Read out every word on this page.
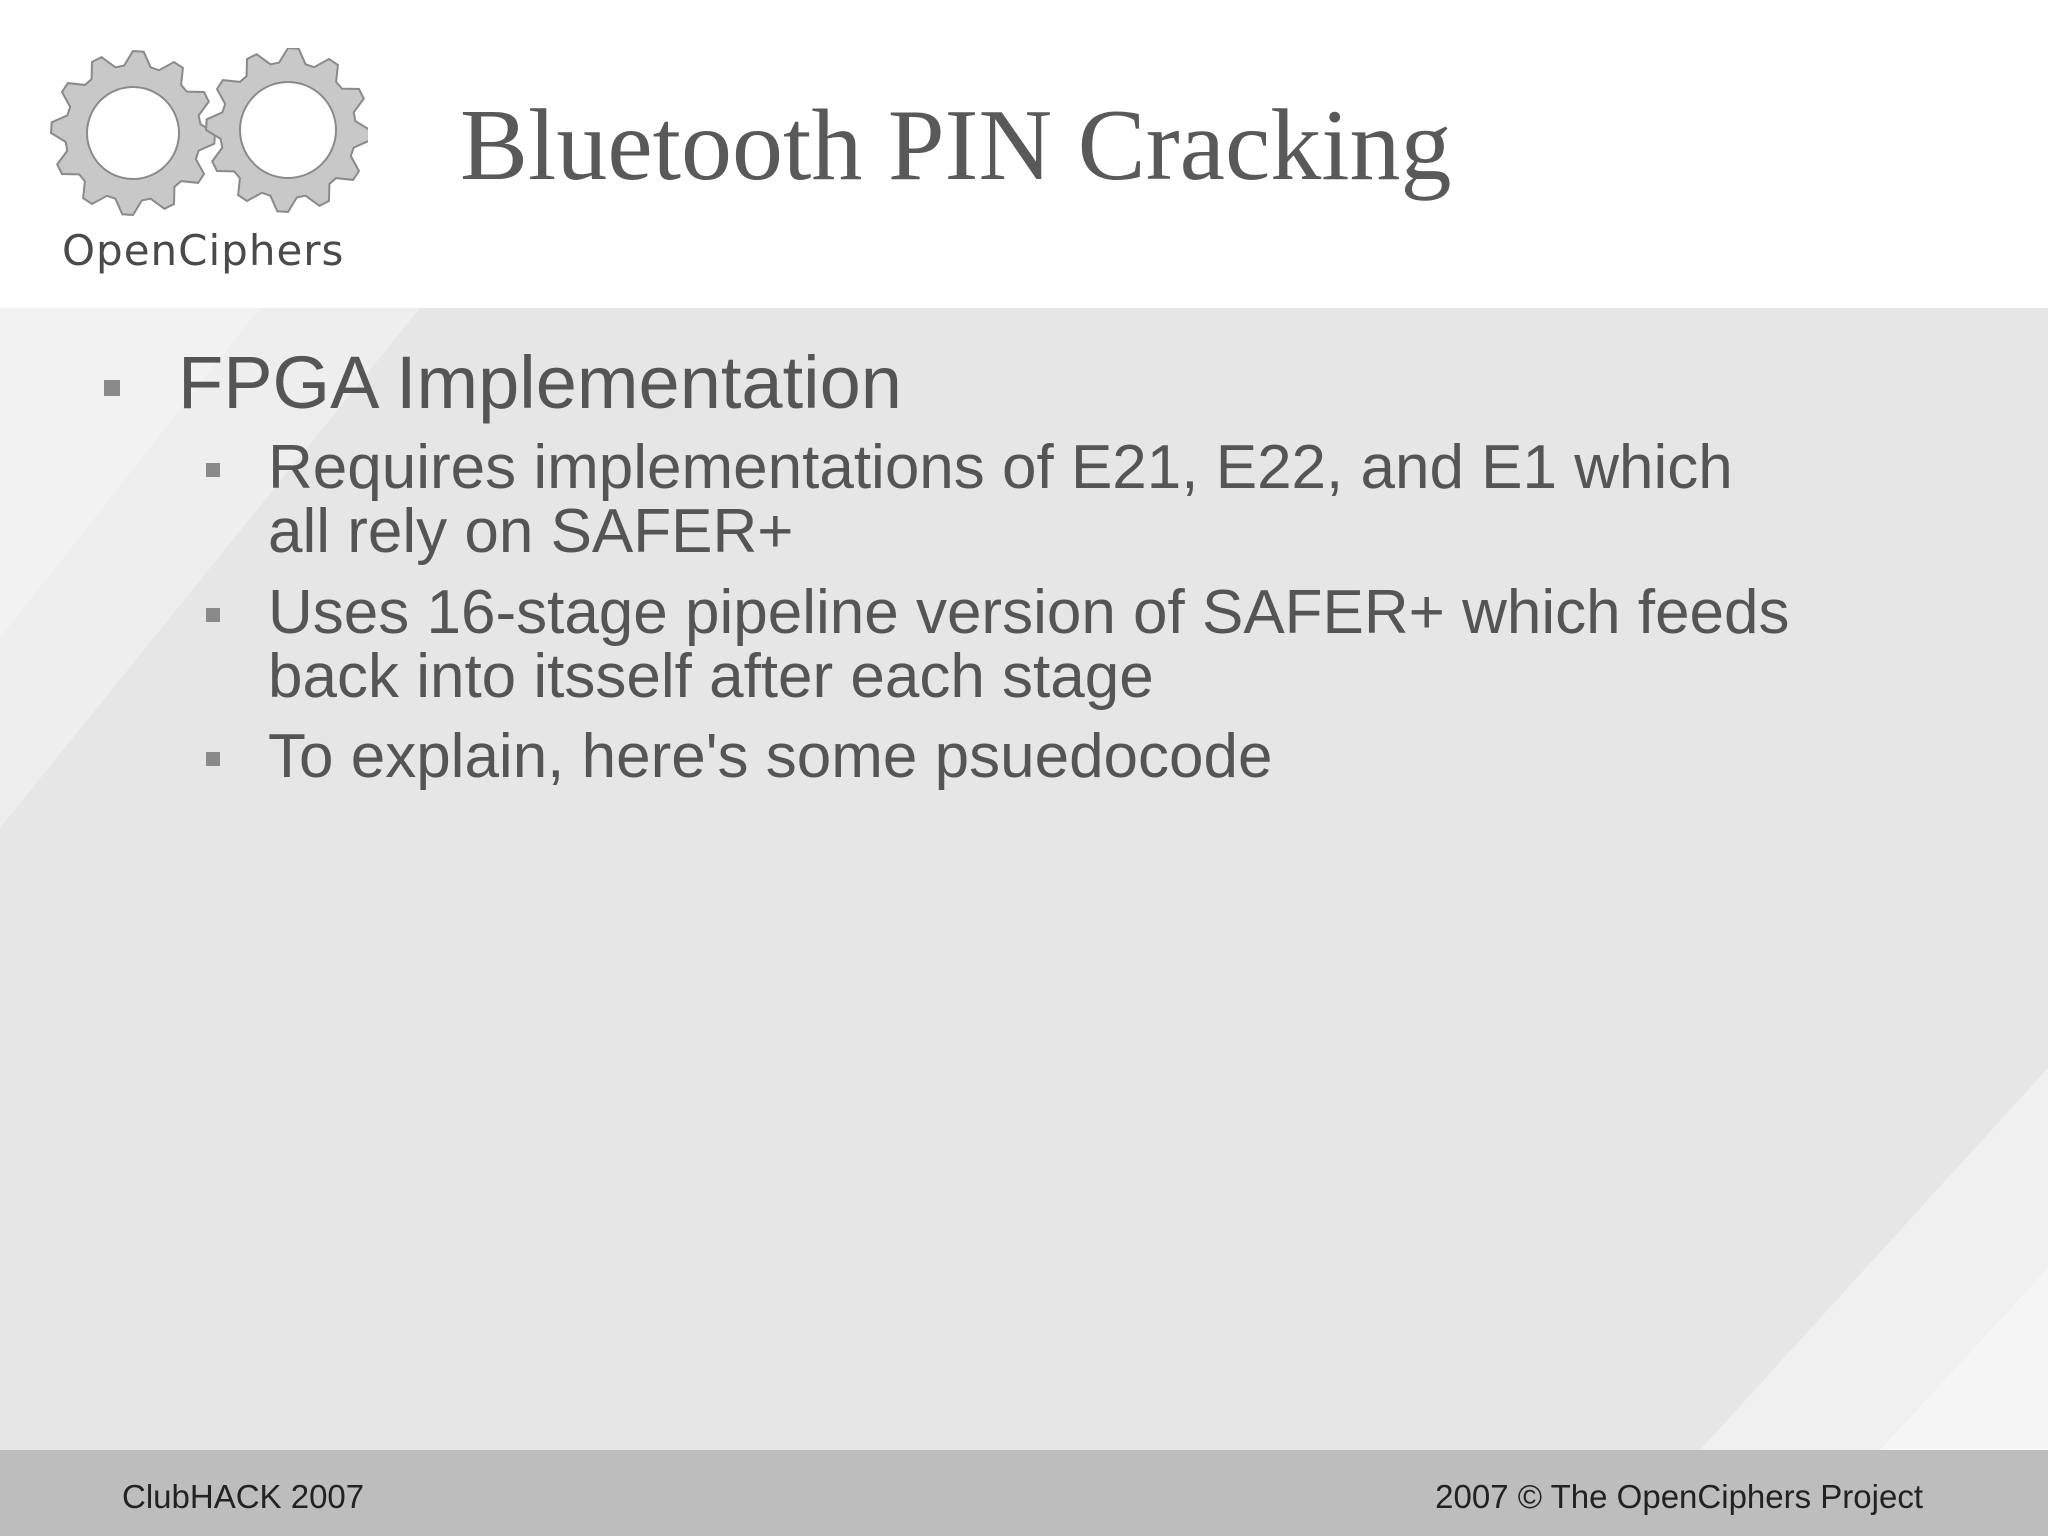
OpenCiphers
Bluetooth PIN Cracking
FPGA Implementation
Requires implementations of E21, E22, and E1 which
all rely on SAFER+
Uses 16-stage pipeline version of SAFER+ which feeds
back into itsself after each stage
To explain, here's some psuedocode
ClubHACK 2007	2007 © The OpenCiphers Project
